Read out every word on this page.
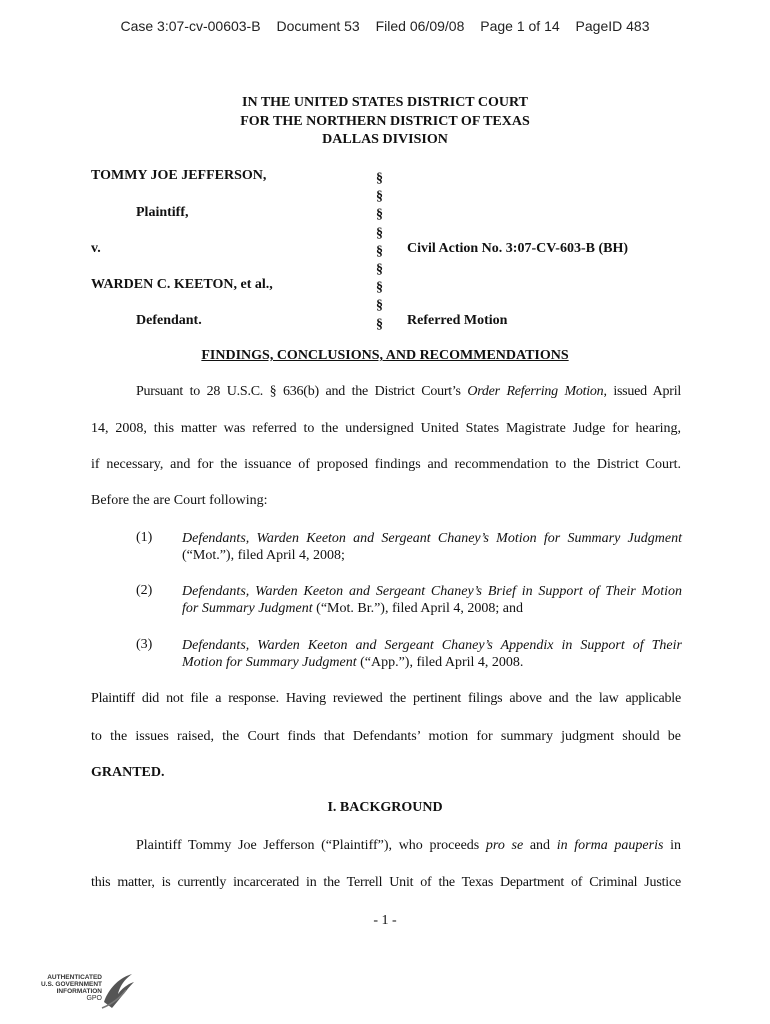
Case 3:07-cv-00603-B Document 53 Filed 06/09/08 Page 1 of 14 PageID 483
IN THE UNITED STATES DISTRICT COURT
FOR THE NORTHERN DISTRICT OF TEXAS
DALLAS DIVISION
TOMMY JOE JEFFERSON,
Plaintiff,
v.
WARDEN C. KEETON, et al.,
Defendant.
§
§
§
§
§
§
§
§
§
Civil Action No. 3:07-CV-603-B (BH)
Referred Motion
FINDINGS, CONCLUSIONS, AND RECOMMENDATIONS
Pursuant to 28 U.S.C. § 636(b) and the District Court’s Order Referring Motion, issued April
14, 2008, this matter was referred to the undersigned United States Magistrate Judge for hearing,
if necessary, and for the issuance of proposed findings and recommendation to the District Court.
Before the are Court following:
(1) Defendants, Warden Keeton and Sergeant Chaney’s Motion for Summary Judgment
(“Mot.”), filed April 4, 2008;
(2) Defendants, Warden Keeton and Sergeant Chaney’s Brief in Support of Their Motion
for Summary Judgment (“Mot. Br.”), filed April 4, 2008; and
(3) Defendants, Warden Keeton and Sergeant Chaney’s Appendix in Support of Their
Motion for Summary Judgment (“App.”), filed April 4, 2008.
Plaintiff did not file a response. Having reviewed the pertinent filings above and the law applicable
to the issues raised, the Court finds that Defendants’ motion for summary judgment should be
GRANTED.
I. BACKGROUND
Plaintiff Tommy Joe Jefferson (“Plaintiff”), who proceeds pro se and in forma pauperis in
this matter, is currently incarcerated in the Terrell Unit of the Texas Department of Criminal Justice
- 1 -
AUTHENTICATED
U.S. GOVERNMENT
INFORMATION
GPO
